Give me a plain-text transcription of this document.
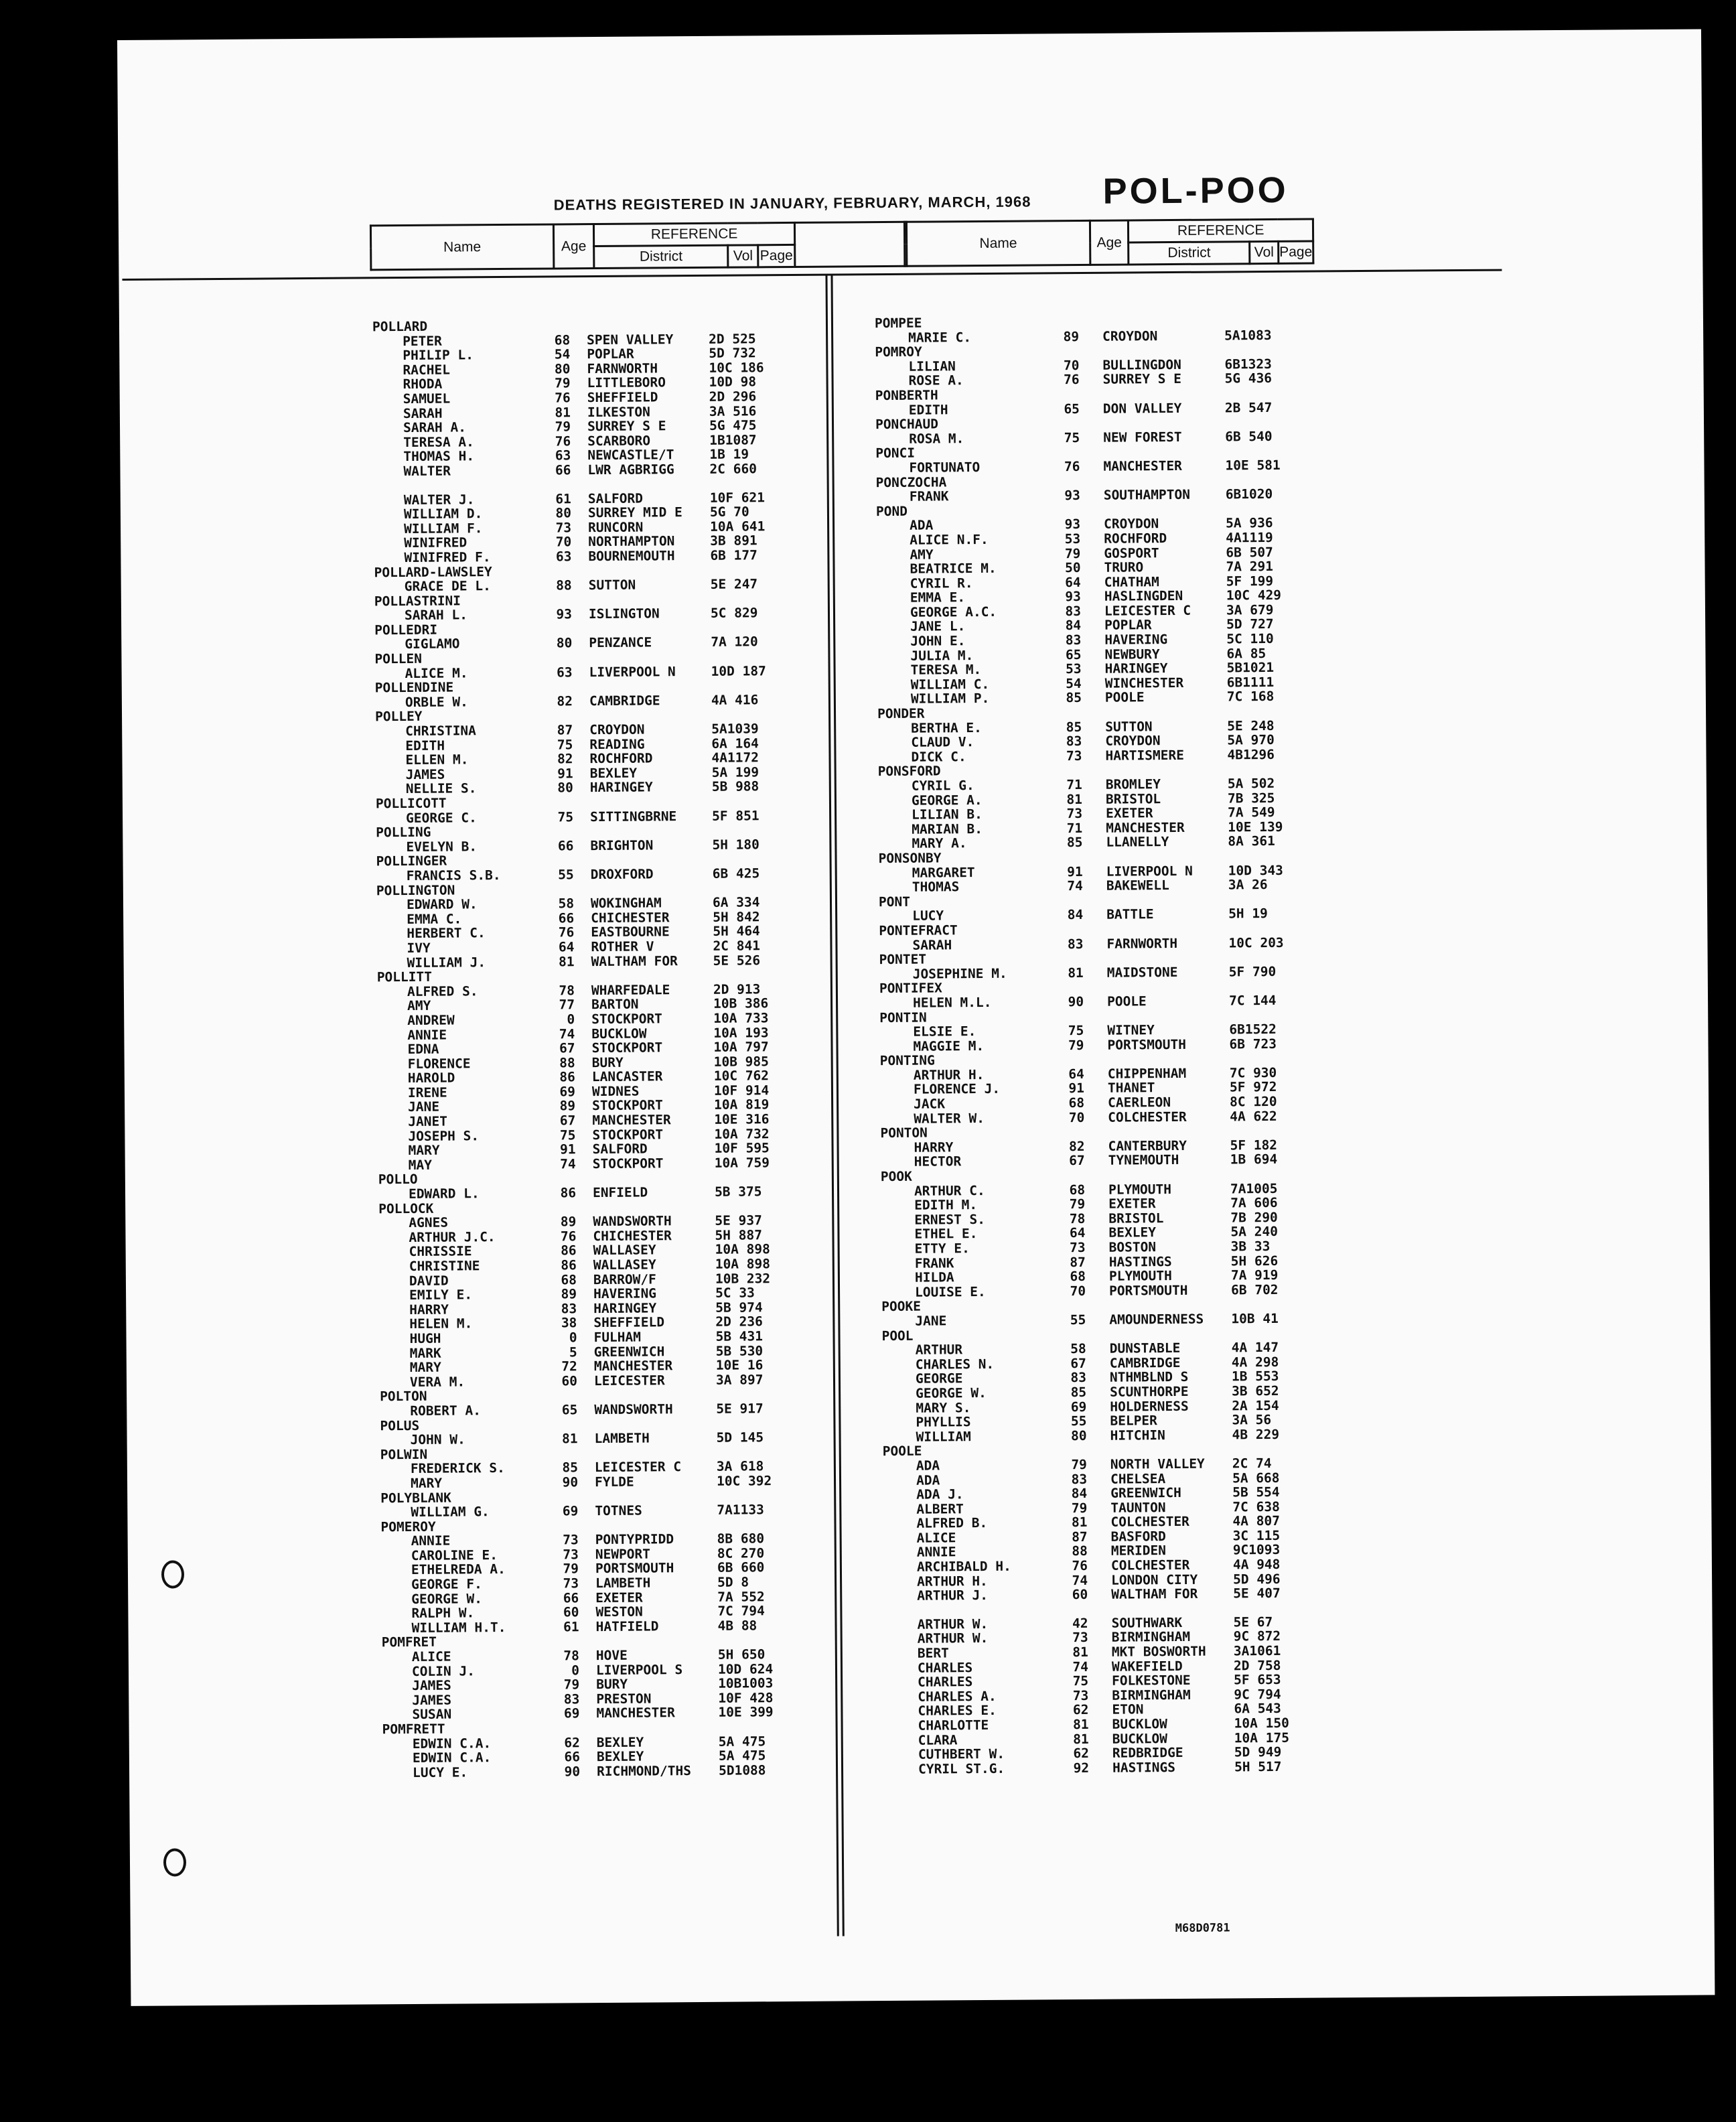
DEATHS REGISTERED IN JANUARY, FEBRUARY, MARCH, 1968 POL-POO
Name	Age	REFERENCE			
		District	Vol	Page	
Name	Age	REFERENCE		
		District	Vol	Page
POLLARD
PETER	68 SPEN VALLEY	2D 525
PHILIP L.	54 POPLAR	5D 732
RACHEL	80 FARNWORTH	10C 186
RHODA	79 LITTLEBORO	10D 98
SAMUEL	76 SHEFFIELD	2D 296
SARAH	81 ILKESTON	3A 516
SARAH A.	79 SURREY S E	5G 475
TERESA A.	76 SCARBORO	1B1087
THOMAS H.	63 NEWCASTLE/T	1B 19
WALTER	66 LWR AGBRIGG	2C 660
WALTER J.	61 SALFORD	10F 621
WILLIAM D.	80 SURREY MID E 5G 70
WILLIAM F.	73 RUNCORN	10A 641
WINIFRED	70 NORTHAMPTON	3B 891
WINIFRED F.	63 BOURNEMOUTH	6B 177
POLLARD-LAWSLEY
GRACE DE L.	88 SUTTON	5E 247
POLLASTRINI
SARAH L.	93 ISLINGTON	5C 829
POLLEDRI
GIGLAMO	80 PENZANCE	7A 120
POLLEN
ALICE M.	63 LIVERPOOL N	10D 187
POLLENDINE
ORBLE W.	82 CAMBRIDGE	4A 416
POLLEY
CHRISTINA	87 CROYDON	5A1039
EDITH	75 READING	6A 164
ELLEN M.	82 ROCHFORD	4A1172
JAMES	91 BEXLEY	5A 199
NELLIE S.	80 HARINGEY	5B 988
POLLICOTT
GEORGE C.	75 SITTINGBRNE	5F 851
POLLING
EVELYN B.	66 BRIGHTON	5H 180
POLLINGER
FRANCIS S.B.	55 DROXFORD	6B 425
POLLINGTON
EDWARD W.	58 WOKINGHAM	6A 334
EMMA C.	66 CHICHESTER	5H 842
HERBERT C.	76 EASTBOURNE	5H 464
IVY	64 ROTHER V	2C 841
WILLIAM J.	81 WALTHAM FOR	5E 526
POLLITT
ALFRED S.	78 WHARFEDALE	2D 913
AMY	77 BARTON	10B 386
ANDREW	0 STOCKPORT	10A 733
ANNIE	74 BUCKLOW	10A 193
EDNA	67 STOCKPORT	10A 797
FLORENCE	88 BURY	10B 985
HAROLD	86 LANCASTER	10C 762
IRENE	69 WIDNES	10F 914
JANE	89 STOCKPORT	10A 819
JANET	67 MANCHESTER	10E 316
JOSEPH S.	75 STOCKPORT	10A 732
MARY	91 SALFORD	10F 595
MAY	74 STOCKPORT	10A 759
POLLO
EDWARD L.	86 ENFIELD	5B 375
POLLOCK
AGNES	89 WANDSWORTH	5E 937
ARTHUR J.C.	76 CHICHESTER	5H 887
CHRISSIE	86 WALLASEY	10A 898
CHRISTINE	86 WALLASEY	10A 898
DAVID	68 BARROW/F	10B 232
EMILY E.	89 HAVERING	5C 33
HARRY	83 HARINGEY	5B 974
HELEN M.	38 SHEFFIELD	2D 236
HUGH	0 FULHAM	5B 431
MARK	5 GREENWICH	5B 530
MARY	72 MANCHESTER	10E 16
VERA M.	60 LEICESTER	3A 897
POLTON
ROBERT A.	65 WANDSWORTH	5E 917
POLUS
JOHN W.	81 LAMBETH	5D 145
POLWIN
FREDERICK S.	85 LEICESTER C	3A 618
MARY	90 FYLDE	10C 392
POLYBLANK
WILLIAM G.	69 TOTNES	7A1133
POMEROY
ANNIE	73 PONTYPRIDD	8B 680
CAROLINE E.	73 NEWPORT	8C 270
ETHELREDA A.	79 PORTSMOUTH	6B 660
GEORGE F.	73 LAMBETH	5D 8
GEORGE W.	66 EXETER	7A 552
RALPH W.	60 WESTON	7C 794
WILLIAM H.T.	61 HATFIELD	4B 88
POMFRET
ALICE	78 HOVE	5H 650
COLIN J.	0 LIVERPOOL S	10D 624
JAMES	79 BURY	10B1003
JAMES	83 PRESTON	10F 428
SUSAN	69 MANCHESTER	10E 399
POMFRETT
EDWIN C.A.	62 BEXLEY	5A 475
EDWIN C.A.	66 BEXLEY	5A 475
LUCY E.	90 RICHMOND/THS 5D1088
POMPEE
MARIE C.	89 CROYDON	5A1083
POMROY
LILIAN	70 BULLINGDON	6B1323
ROSE A.	76 SURREY S E	5G 436
PONBERTH
EDITH	65 DON VALLEY	2B 547
PONCHAUD
ROSA M.	75 NEW FOREST	6B 540
PONCI
FORTUNATO	76 MANCHESTER	10E 581
PONCZOCHA
FRANK	93 SOUTHAMPTON	6B1020
POND
ADA	93 CROYDON	5A 936
ALICE N.F.	53 ROCHFORD	4A1119
AMY	79 GOSPORT	6B 507
BEATRICE M.	50 TRURO	7A 291
CYRIL R.	64 CHATHAM	5F 199
EMMA E.	93 HASLINGDEN	10C 429
GEORGE A.C.	83 LEICESTER C	3A 679
JANE L.	84 POPLAR	5D 727
JOHN E.	83 HAVERING	5C 110
JULIA M.	65 NEWBURY	6A 85
TERESA M.	53 HARINGEY	5B1021
WILLIAM C.	54 WINCHESTER	6B1111
WILLIAM P.	85 POOLE	7C 168
PONDER
BERTHA E.	85 SUTTON	5E 248
CLAUD V.	83 CROYDON	5A 970
DICK C.	73 HARTISMERE	4B1296
PONSFORD
CYRIL G.	71 BROMLEY	5A 502
GEORGE A.	81 BRISTOL	7B 325
LILIAN B.	73 EXETER	7A 549
MARIAN B.	71 MANCHESTER	10E 139
MARY A.	85 LLANELLY	8A 361
PONSONBY
MARGARET	91 LIVERPOOL N	10D 343
THOMAS	74 BAKEWELL	3A 26
PONT
LUCY	84 BATTLE	5H 19
PONTEFRACT
SARAH	83 FARNWORTH	10C 203
PONTET
JOSEPHINE M.	81 MAIDSTONE	5F 790
PONTIFEX
HELEN M.L.	90 POOLE	7C 144
PONTIN
ELSIE E.	75 WITNEY	6B1522
MAGGIE M.	79 PORTSMOUTH	6B 723
PONTING
ARTHUR H.	64 CHIPPENHAM	7C 930
FLORENCE J.	91 THANET	5F 972
JACK	68 CAERLEON	8C 120
WALTER W.	70 COLCHESTER	4A 622
PONTON
HARRY	82 CANTERBURY	5F 182
HECTOR	67 TYNEMOUTH	1B 694
POOK
ARTHUR C.	68 PLYMOUTH	7A1005
EDITH M.	79 EXETER	7A 606
ERNEST S.	78 BRISTOL	7B 290
ETHEL E.	64 BEXLEY	5A 240
ETTY E.	73 BOSTON	3B 33
FRANK	87 HASTINGS	5H 626
HILDA	68 PLYMOUTH	7A 919
LOUISE E.	70 PORTSMOUTH	6B 702
POOKE
JANE	55 AMOUNDERNESS 10B 41
POOL
ARTHUR	58 DUNSTABLE	4A 147
CHARLES N.	67 CAMBRIDGE	4A 298
GEORGE	83 NTHMBLND S	1B 553
GEORGE W.	85 SCUNTHORPE	3B 652
MARY S.	69 HOLDERNESS	2A 154
PHYLLIS	55 BELPER	3A 56
WILLIAM	80 HITCHIN	4B 229
POOLE
ADA	79 NORTH VALLEY 2C 74
ADA	83 CHELSEA	5A 668
ADA J.	84 GREENWICH	5B 554
ALBERT	79 TAUNTON	7C 638
ALFRED B.	81 COLCHESTER	4A 807
ALICE	87 BASFORD	3C 115
ANNIE	88 MERIDEN	9C1093
ARCHIBALD H.	76 COLCHESTER	4A 948
ARTHUR H.	74 LONDON CITY	5D 496
ARTHUR J.	60 WALTHAM FOR	5E 407
ARTHUR W.	42 SOUTHWARK	5E 67
ARTHUR W.	73 BIRMINGHAM	9C 872
BERT	81 MKT BOSWORTH 3A1061
CHARLES	74 WAKEFIELD	2D 758
CHARLES	75 FOLKESTONE	5F 653
CHARLES A.	73 BIRMINGHAM	9C 794
CHARLES E.	62 ETON	6A 543
CHARLOTTE	81 BUCKLOW	10A 150
CLARA	81 BUCKLOW	10A 175
CUTHBERT W.	62 REDBRIDGE	5D 949
CYRIL ST.G.	92 HASTINGS	5H 517
M68D0781
